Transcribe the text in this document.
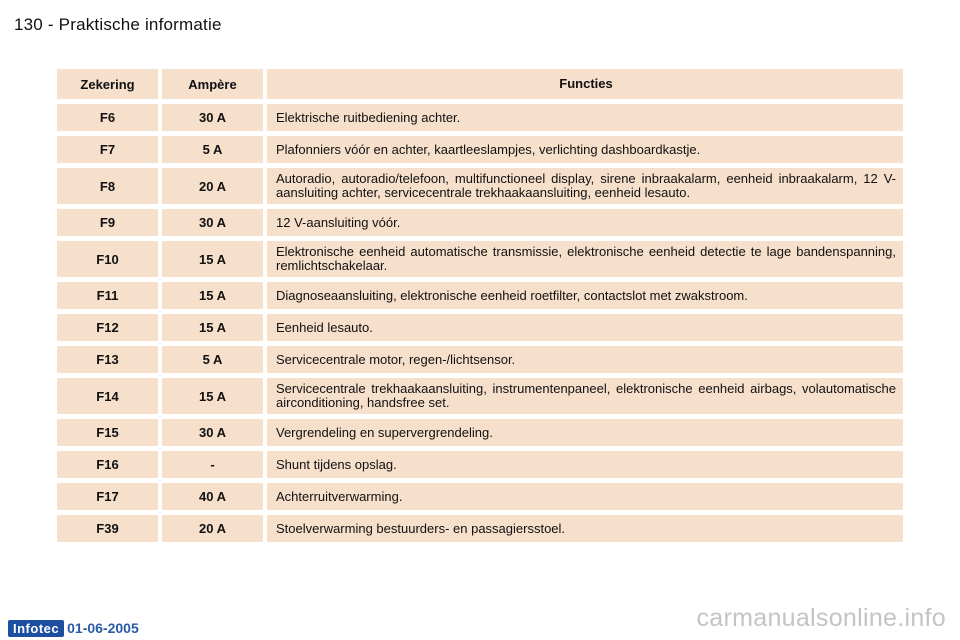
130 - Praktische informatie
Zekering	Ampère	Functies
F6	30 A	Elektrische ruitbediening achter.
F7	5 A	Plafonniers vóór en achter, kaartleeslampjes, verlichting dashboardkastje.
F8	20 A	Autoradio, autoradio/telefoon, multifunctioneel display, sirene inbraakalarm, eenheid inbraakalarm, 12 V-aansluiting achter, servicecentrale trekhaakaansluiting, eenheid lesauto.
F9	30 A	12 V-aansluiting vóór.
F10	15 A	Elektronische eenheid automatische transmissie, elektronische eenheid detectie te lage bandenspanning, remlichtschakelaar.
F11	15 A	Diagnoseaansluiting, elektronische eenheid roetfilter, contactslot met zwakstroom.
F12	15 A	Eenheid lesauto.
F13	5 A	Servicecentrale motor, regen-/lichtsensor.
F14	15 A	Servicecentrale trekhaakaansluiting, instrumentenpaneel, elektronische eenheid airbags, volautomatische airconditioning, handsfree set.
F15	30 A	Vergrendeling en supervergrendeling.
F16	-	Shunt tijdens opslag.
F17	40 A	Achterruitverwarming.
F39	20 A	Stoelverwarming bestuurders- en passagiersstoel.
Infotec 01-06-2005	carmanualsonline.info
